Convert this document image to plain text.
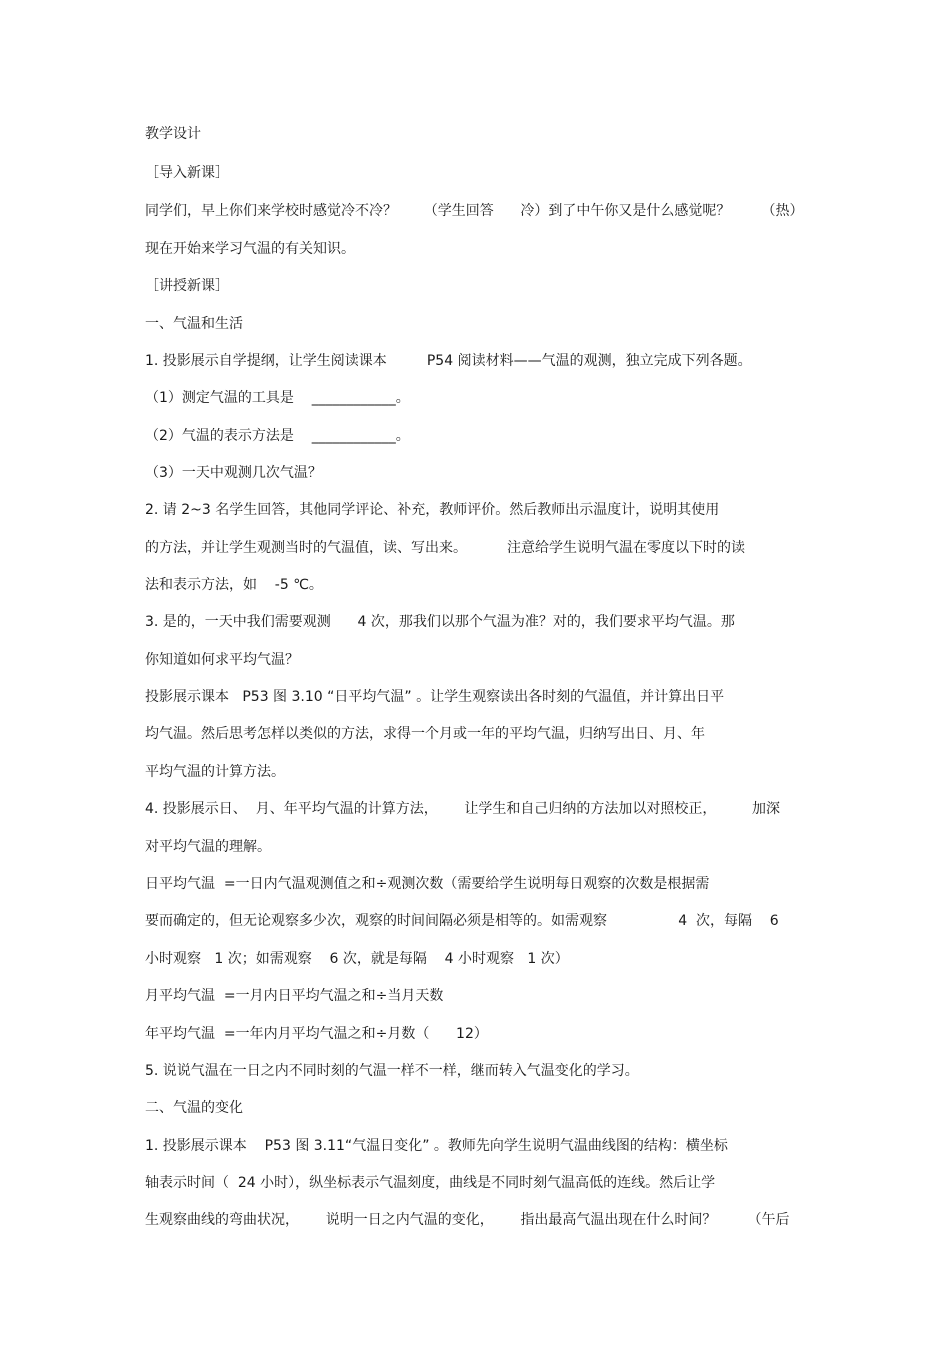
教学设计
［导入新课］
同学们，早上你们来学校时感觉冷不冷？      （学生回答      冷）到了中午你又是什么感觉呢？       （热）
现在开始来学习气温的有关知识。
［讲授新课］
一、气温和生活
1. 投影展示自学提纲，让学生阅读课本         P54 阅读材料——气温的观测，独立完成下列各题。
（1）测定气温的工具是    ____________。
（2）气温的表示方法是    ____________。
（3）一天中观测几次气温？
2. 请 2~3 名学生回答，其他同学评论、补充，教师评价。然后教师出示温度计，说明其使用
的方法，并让学生观测当时的气温值，读、写出来。         注意给学生说明气温在零度以下时的读
法和表示方法，如    -5 ℃。
3. 是的，一天中我们需要观测      4 次，那我们以那个气温为准？对的，我们要求平均气温。那
你知道如何求平均气温？
投影展示课本   P53 图 3.10 “日平均气温” 。让学生观察读出各时刻的气温值，并计算出日平
均气温。然后思考怎样以类似的方法，求得一个月或一年的平均气温，归纳写出日、月、年
平均气温的计算方法。
4. 投影展示日、  月、年平均气温的计算方法，      让学生和自己归纳的方法加以对照校正，        加深
对平均气温的理解。
日平均气温  =一日内气温观测值之和÷观测次数（需要给学生说明每日观察的次数是根据需
要而确定的，但无论观察多少次，观察的时间间隔必须是相等的。如需观察                4  次，每隔    6
小时观察   1 次；如需观察    6 次，就是每隔    4 小时观察   1 次）
月平均气温  =一月内日平均气温之和÷当月天数
年平均气温  =一年内月平均气温之和÷月数（      12）
5. 说说气温在一日之内不同时刻的气温一样不一样，继而转入气温变化的学习。
二、气温的变化
1. 投影展示课本    P53 图 3.11“气温日变化” 。教师先向学生说明气温曲线图的结构：横坐标
轴表示时间（  24 小时），纵坐标表示气温刻度，曲线是不同时刻气温高低的连线。然后让学
生观察曲线的弯曲状况，      说明一日之内气温的变化，      指出最高气温出现在什么时间？       （午后
